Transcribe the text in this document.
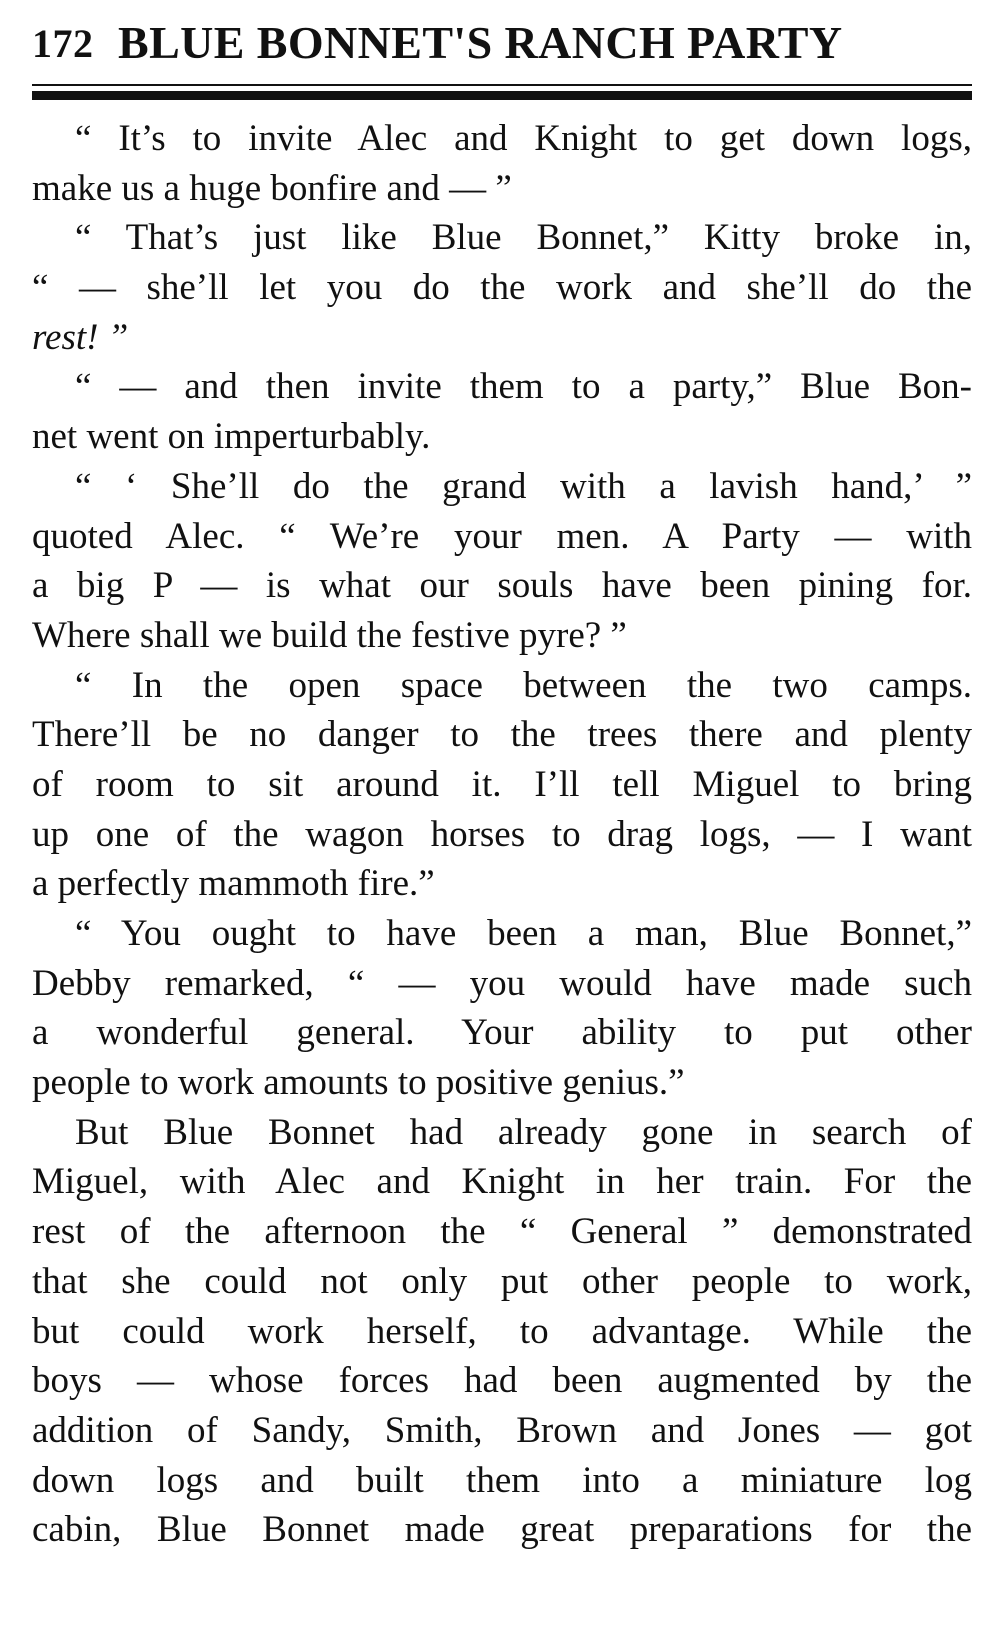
172 BLUE BONNET'S RANCH PARTY
“ It’s to invite Alec and Knight to get down logs,
make us a huge bonfire and — ”
“ That’s just like Blue Bonnet,” Kitty broke in,
“ — she’ll let you do the work and she’ll do the
rest! ”
“ — and then invite them to a party,” Blue Bon-
net went on imperturbably.
“ ‘ She’ll do the grand with a lavish hand,’ ”
quoted Alec. “ We’re your men. A Party — with
a big P — is what our souls have been pining for.
Where shall we build the festive pyre? ”
“ In the open space between the two camps.
There’ll be no danger to the trees there and plenty
of room to sit around it. I’ll tell Miguel to bring
up one of the wagon horses to drag logs, — I want
a perfectly mammoth fire.”
“ You ought to have been a man, Blue Bonnet,”
Debby remarked, “ — you would have made such
a wonderful general. Your ability to put other
people to work amounts to positive genius.”
But Blue Bonnet had already gone in search of
Miguel, with Alec and Knight in her train. For the
rest of the afternoon the “ General ” demonstrated
that she could not only put other people to work,
but could work herself, to advantage. While the
boys — whose forces had been augmented by the
addition of Sandy, Smith, Brown and Jones — got
down logs and built them into a miniature log
cabin, Blue Bonnet made great preparations for the
